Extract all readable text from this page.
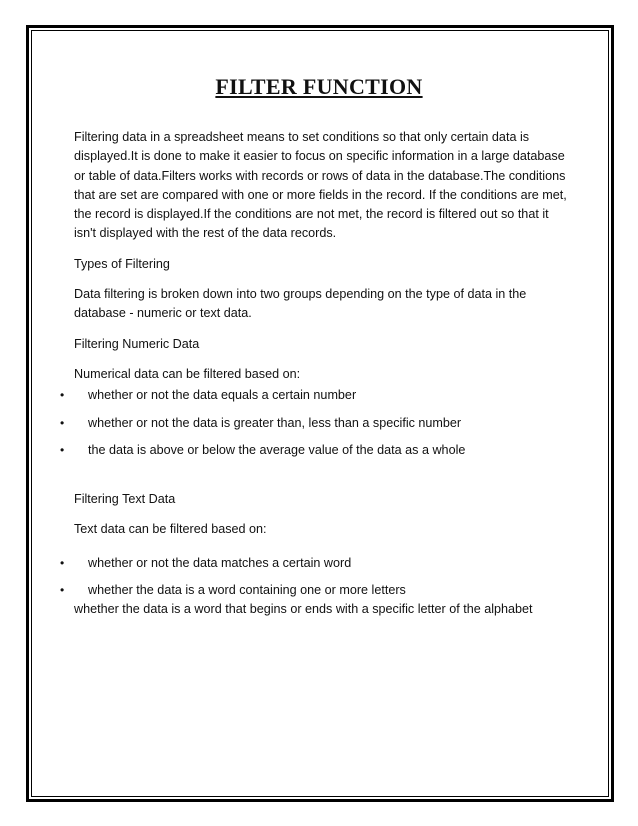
FILTER FUNCTION

Filtering data in a spreadsheet means to set conditions so that only certain data is displayed.It is done to make it easier to focus on specific information in a large database or table of data.Filters works with records or rows of data in the database.The conditions that are set are compared with one or more fields in the record. If the conditions are met, the record is displayed.If the conditions are not met, the record is filtered out so that it isn't displayed with the rest of the data records.

Types of Filtering

Data filtering is broken down into two groups depending on the type of data in the database - numeric or text data.

Filtering Numeric Data

Numerical data can be filtered based on:

•	whether or not the data equals a certain number
•	whether or not the data is greater than, less than a specific number
•	the data is above or below the average value of the data as a whole

Filtering Text Data

Text data can be filtered based on:

•	whether or not the data matches a certain word
•	whether the data is a word containing one or more letters

whether the data is a word that begins or ends with a specific letter of the alphabet
